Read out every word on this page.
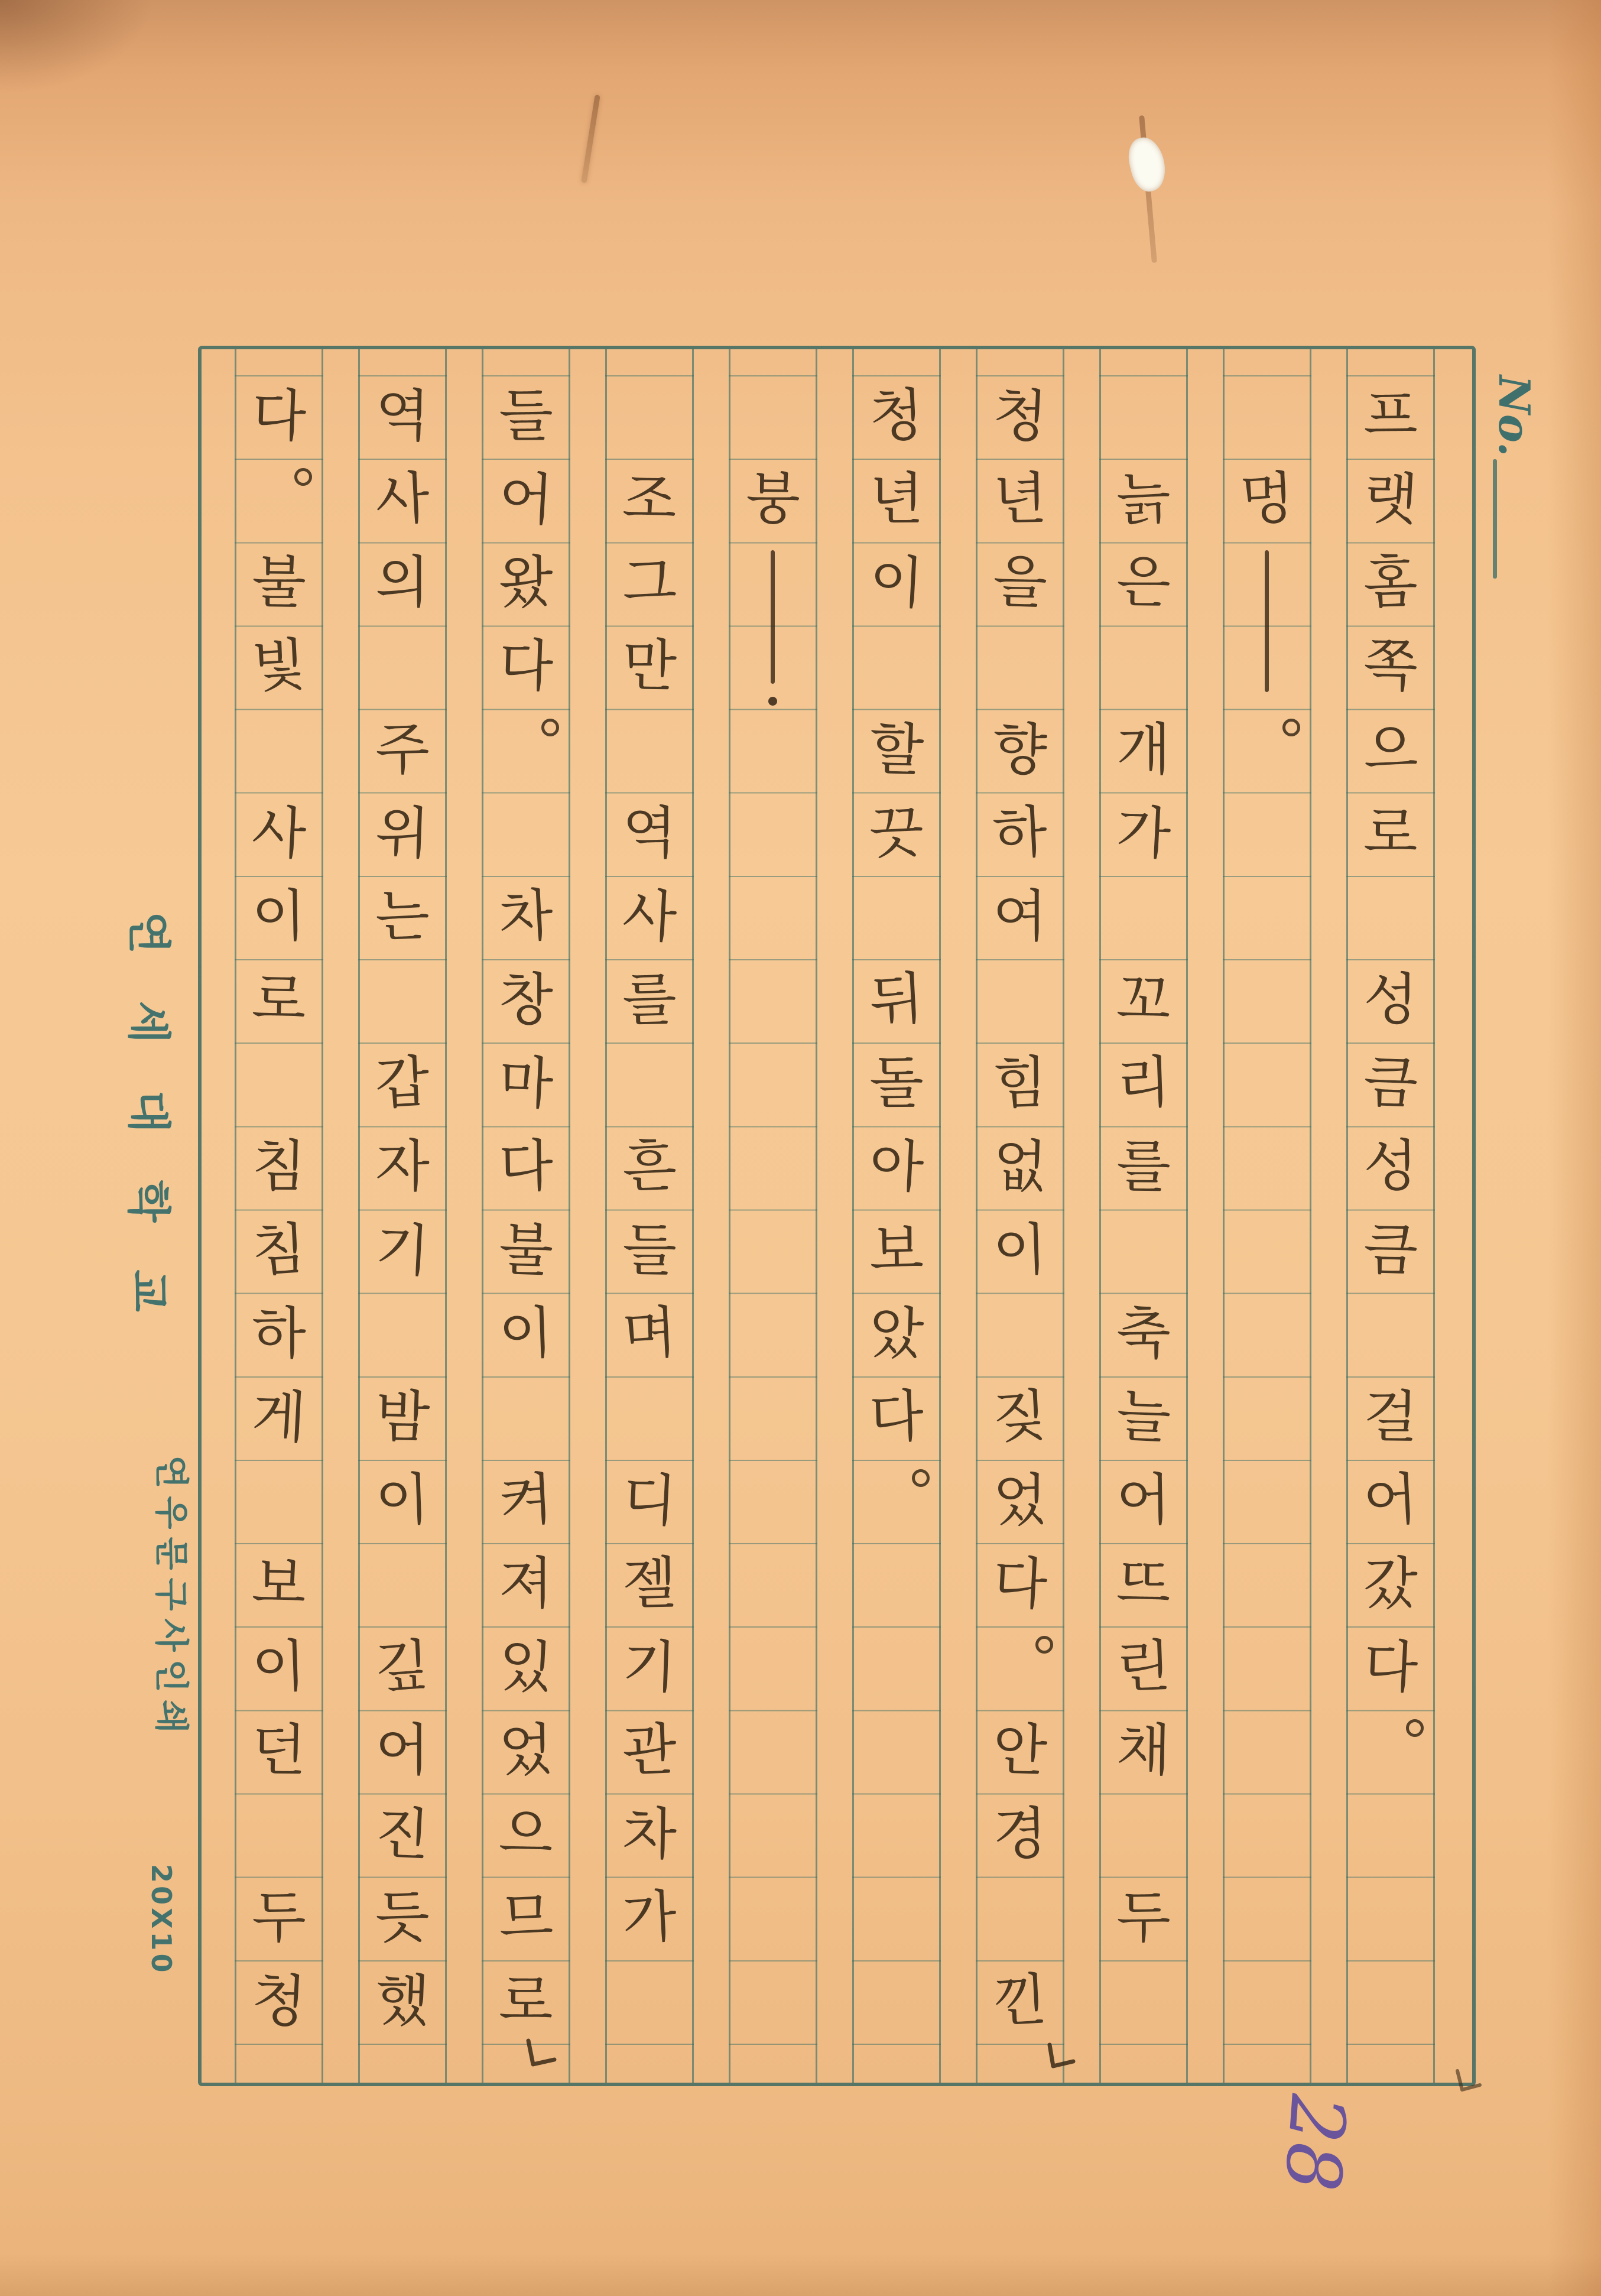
No.
프
랫
홈
쪽
으
로
성
큼
성
큼
걸
어
갔
다
멍
늙
은
개
가
꼬
리
를
축
늘
어
뜨
린
채
두
청
년
을
향
하
여
힘
없
이
짖
었
다
안
경
낀
청
년
이
할
끗
뒤
돌
아
보
았
다
붕
조
그
만
역
사
를
흔
들
며
디
젤
기
관
차
가
들
어
왔
다
차
창
마
다
불
이
켜
져
있
었
으
므
로
역
사
의
주
위
는
갑
자
기
밤
이
깊
어
진
듯
했
다
불
빛
사
이
로
침
침
하
게
보
이
던
두
청
연세대학교
연우문구사인쇄
20X10
28
